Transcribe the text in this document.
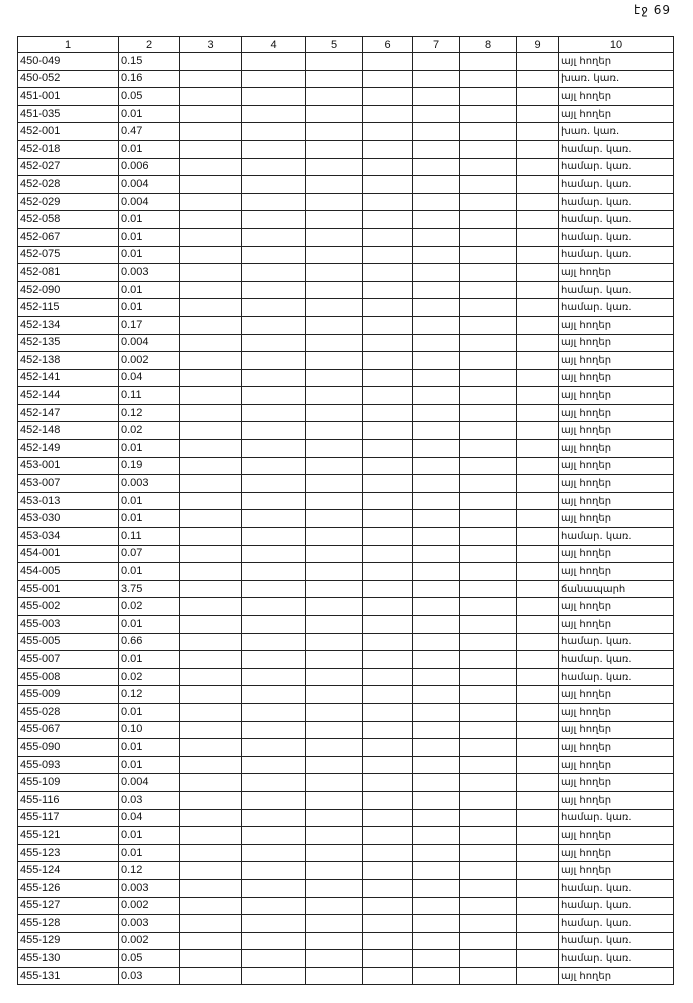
էջ 69
1	2	3	4	5	6	7	8	9	10
450-049	0.15								այլ հողեր
450-052	0.16								խառ. կառ.
451-001	0.05								այլ հողեր
451-035	0.01								այլ հողեր
452-001	0.47								խառ. կառ.
452-018	0.01								համար. կառ.
452-027	0.006								համար. կառ.
452-028	0.004								համար. կառ.
452-029	0.004								համար. կառ.
452-058	0.01								համար. կառ.
452-067	0.01								համար. կառ.
452-075	0.01								համար. կառ.
452-081	0.003								այլ հողեր
452-090	0.01								համար. կառ.
452-115	0.01								համար. կառ.
452-134	0.17								այլ հողեր
452-135	0.004								այլ հողեր
452-138	0.002								այլ հողեր
452-141	0.04								այլ հողեր
452-144	0.11								այլ հողեր
452-147	0.12								այլ հողեր
452-148	0.02								այլ հողեր
452-149	0.01								այլ հողեր
453-001	0.19								այլ հողեր
453-007	0.003								այլ հողեր
453-013	0.01								այլ հողեր
453-030	0.01								այլ հողեր
453-034	0.11								համար. կառ.
454-001	0.07								այլ հողեր
454-005	0.01								այլ հողեր
455-001	3.75								ճանապարհ
455-002	0.02								այլ հողեր
455-003	0.01								այլ հողեր
455-005	0.66								համար. կառ.
455-007	0.01								համար. կառ.
455-008	0.02								համար. կառ.
455-009	0.12								այլ հողեր
455-028	0.01								այլ հողեր
455-067	0.10								այլ հողեր
455-090	0.01								այլ հողեր
455-093	0.01								այլ հողեր
455-109	0.004								այլ հողեր
455-116	0.03								այլ հողեր
455-117	0.04								համար. կառ.
455-121	0.01								այլ հողեր
455-123	0.01								այլ հողեր
455-124	0.12								այլ հողեր
455-126	0.003								համար. կառ.
455-127	0.002								համար. կառ.
455-128	0.003								համար. կառ.
455-129	0.002								համար. կառ.
455-130	0.05								համար. կառ.
455-131	0.03								այլ հողեր
